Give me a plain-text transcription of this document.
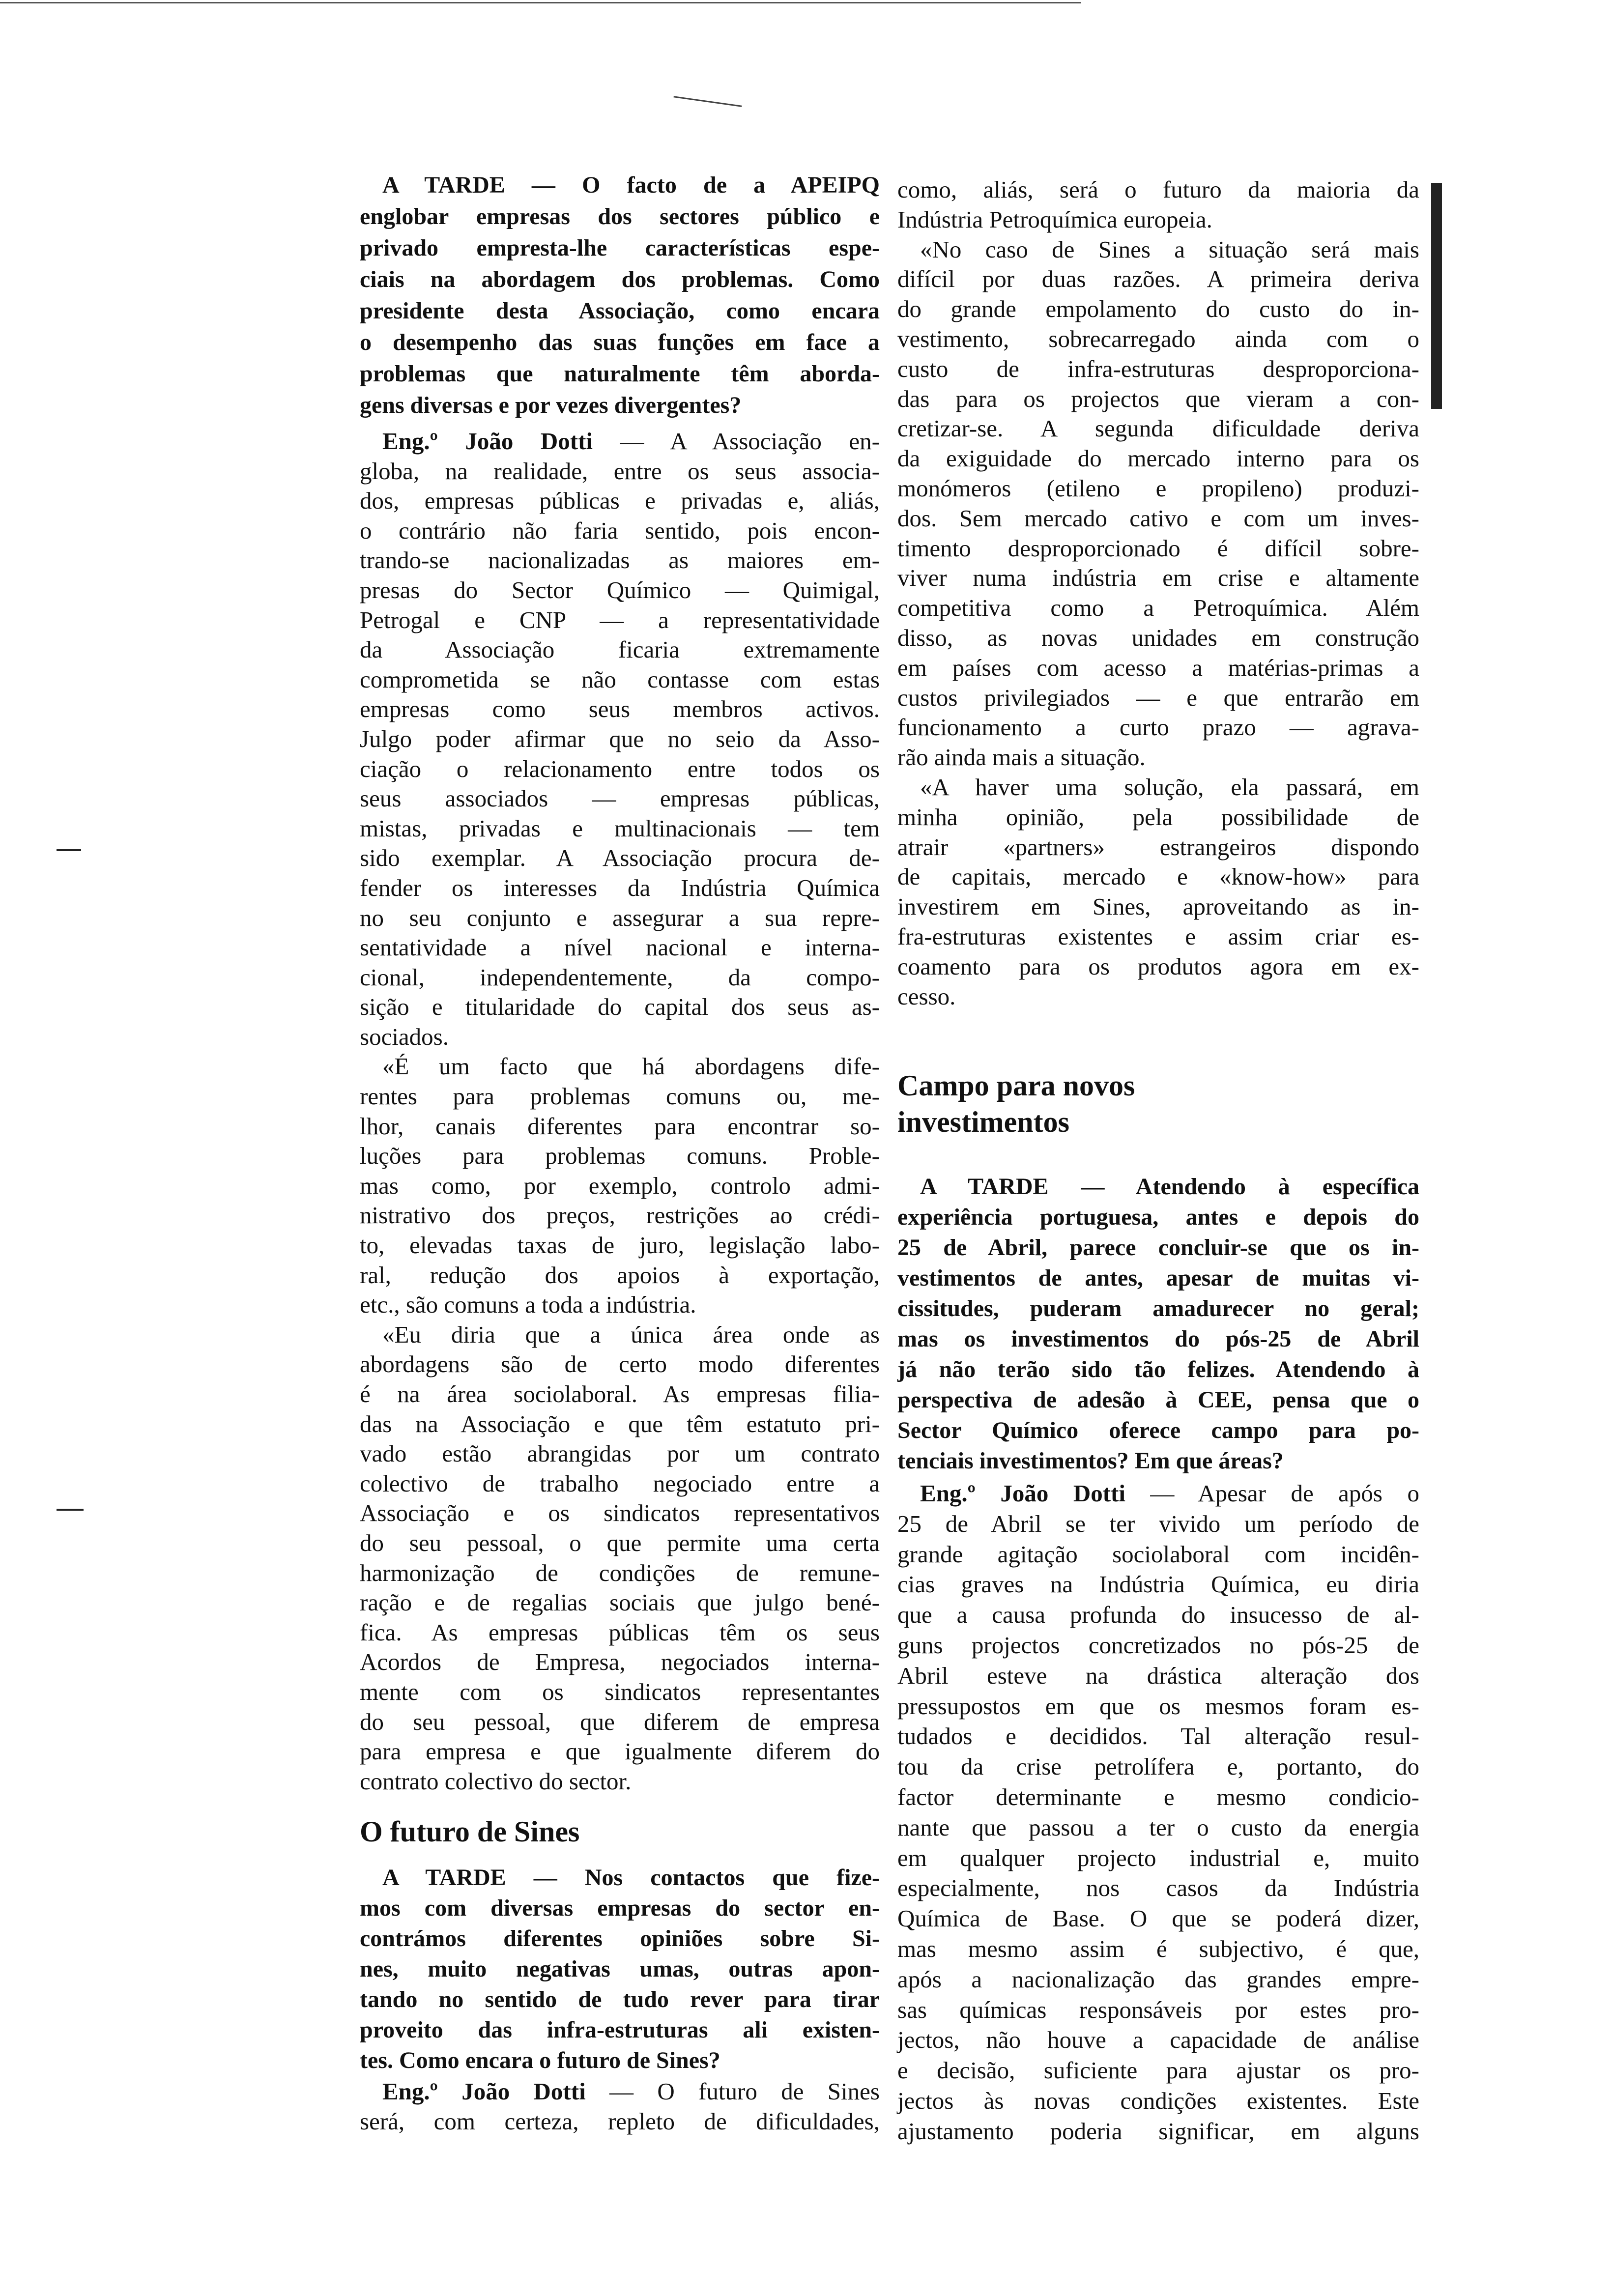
A TARDE — O facto de a APEIPQ
englobar empresas dos sectores público e
privado empresta-lhe características espe-
ciais na abordagem dos problemas. Como
presidente desta Associação, como encara
o desempenho das suas funções em face a
problemas que naturalmente têm aborda-
gens diversas e por vezes divergentes?
Eng.º João Dotti — A Associação en-
globa, na realidade, entre os seus associa-
dos, empresas públicas e privadas e, aliás,
o contrário não faria sentido, pois encon-
trando-se nacionalizadas as maiores em-
presas do Sector Químico — Quimigal,
Petrogal e CNP — a representatividade
da Associação ficaria extremamente
comprometida se não contasse com estas
empresas como seus membros activos.
Julgo poder afirmar que no seio da Asso-
ciação o relacionamento entre todos os
seus associados — empresas públicas,
mistas, privadas e multinacionais — tem
sido exemplar. A Associação procura de-
fender os interesses da Indústria Química
no seu conjunto e assegurar a sua repre-
sentatividade a nível nacional e interna-
cional, independentemente, da compo-
sição e titularidade do capital dos seus as-
sociados.
«É um facto que há abordagens dife-
rentes para problemas comuns ou, me-
lhor, canais diferentes para encontrar so-
luções para problemas comuns. Proble-
mas como, por exemplo, controlo admi-
nistrativo dos preços, restrições ao crédi-
to, elevadas taxas de juro, legislação labo-
ral, redução dos apoios à exportação,
etc., são comuns a toda a indústria.
«Eu diria que a única área onde as
abordagens são de certo modo diferentes
é na área sociolaboral. As empresas filia-
das na Associação e que têm estatuto pri-
vado estão abrangidas por um contrato
colectivo de trabalho negociado entre a
Associação e os sindicatos representativos
do seu pessoal, o que permite uma certa
harmonização de condições de remune-
ração e de regalias sociais que julgo bené-
fica. As empresas públicas têm os seus
Acordos de Empresa, negociados interna-
mente com os sindicatos representantes
do seu pessoal, que diferem de empresa
para empresa e que igualmente diferem do
contrato colectivo do sector.
O futuro de Sines
A TARDE — Nos contactos que fize-
mos com diversas empresas do sector en-
contrámos diferentes opiniões sobre Si-
nes, muito negativas umas, outras apon-
tando no sentido de tudo rever para tirar
proveito das infra-estruturas ali existen-
tes. Como encara o futuro de Sines?
Eng.º João Dotti — O futuro de Sines
será, com certeza, repleto de dificuldades,
como, aliás, será o futuro da maioria da
Indústria Petroquímica europeia.
«No caso de Sines a situação será mais
difícil por duas razões. A primeira deriva
do grande empolamento do custo do in-
vestimento, sobrecarregado ainda com o
custo de infra-estruturas desproporciona-
das para os projectos que vieram a con-
cretizar-se. A segunda dificuldade deriva
da exiguidade do mercado interno para os
monómeros (etileno e propileno) produzi-
dos. Sem mercado cativo e com um inves-
timento desproporcionado é difícil sobre-
viver numa indústria em crise e altamente
competitiva como a Petroquímica. Além
disso, as novas unidades em construção
em países com acesso a matérias-primas a
custos privilegiados — e que entrarão em
funcionamento a curto prazo — agrava-
rão ainda mais a situação.
«A haver uma solução, ela passará, em
minha opinião, pela possibilidade de
atrair «partners» estrangeiros dispondo
de capitais, mercado e «know-how» para
investirem em Sines, aproveitando as in-
fra-estruturas existentes e assim criar es-
coamento para os produtos agora em ex-
cesso.
Campo para novos
investimentos
A TARDE — Atendendo à específica
experiência portuguesa, antes e depois do
25 de Abril, parece concluir-se que os in-
vestimentos de antes, apesar de muitas vi-
cissitudes, puderam amadurecer no geral;
mas os investimentos do pós-25 de Abril
já não terão sido tão felizes. Atendendo à
perspectiva de adesão à CEE, pensa que o
Sector Químico oferece campo para po-
tenciais investimentos? Em que áreas?
Eng.º João Dotti — Apesar de após o
25 de Abril se ter vivido um período de
grande agitação sociolaboral com incidên-
cias graves na Indústria Química, eu diria
que a causa profunda do insucesso de al-
guns projectos concretizados no pós-25 de
Abril esteve na drástica alteração dos
pressupostos em que os mesmos foram es-
tudados e decididos. Tal alteração resul-
tou da crise petrolífera e, portanto, do
factor determinante e mesmo condicio-
nante que passou a ter o custo da energia
em qualquer projecto industrial e, muito
especialmente, nos casos da Indústria
Química de Base. O que se poderá dizer,
mas mesmo assim é subjectivo, é que,
após a nacionalização das grandes empre-
sas químicas responsáveis por estes pro-
jectos, não houve a capacidade de análise
e decisão, suficiente para ajustar os pro-
jectos às novas condições existentes. Este
ajustamento poderia significar, em alguns
